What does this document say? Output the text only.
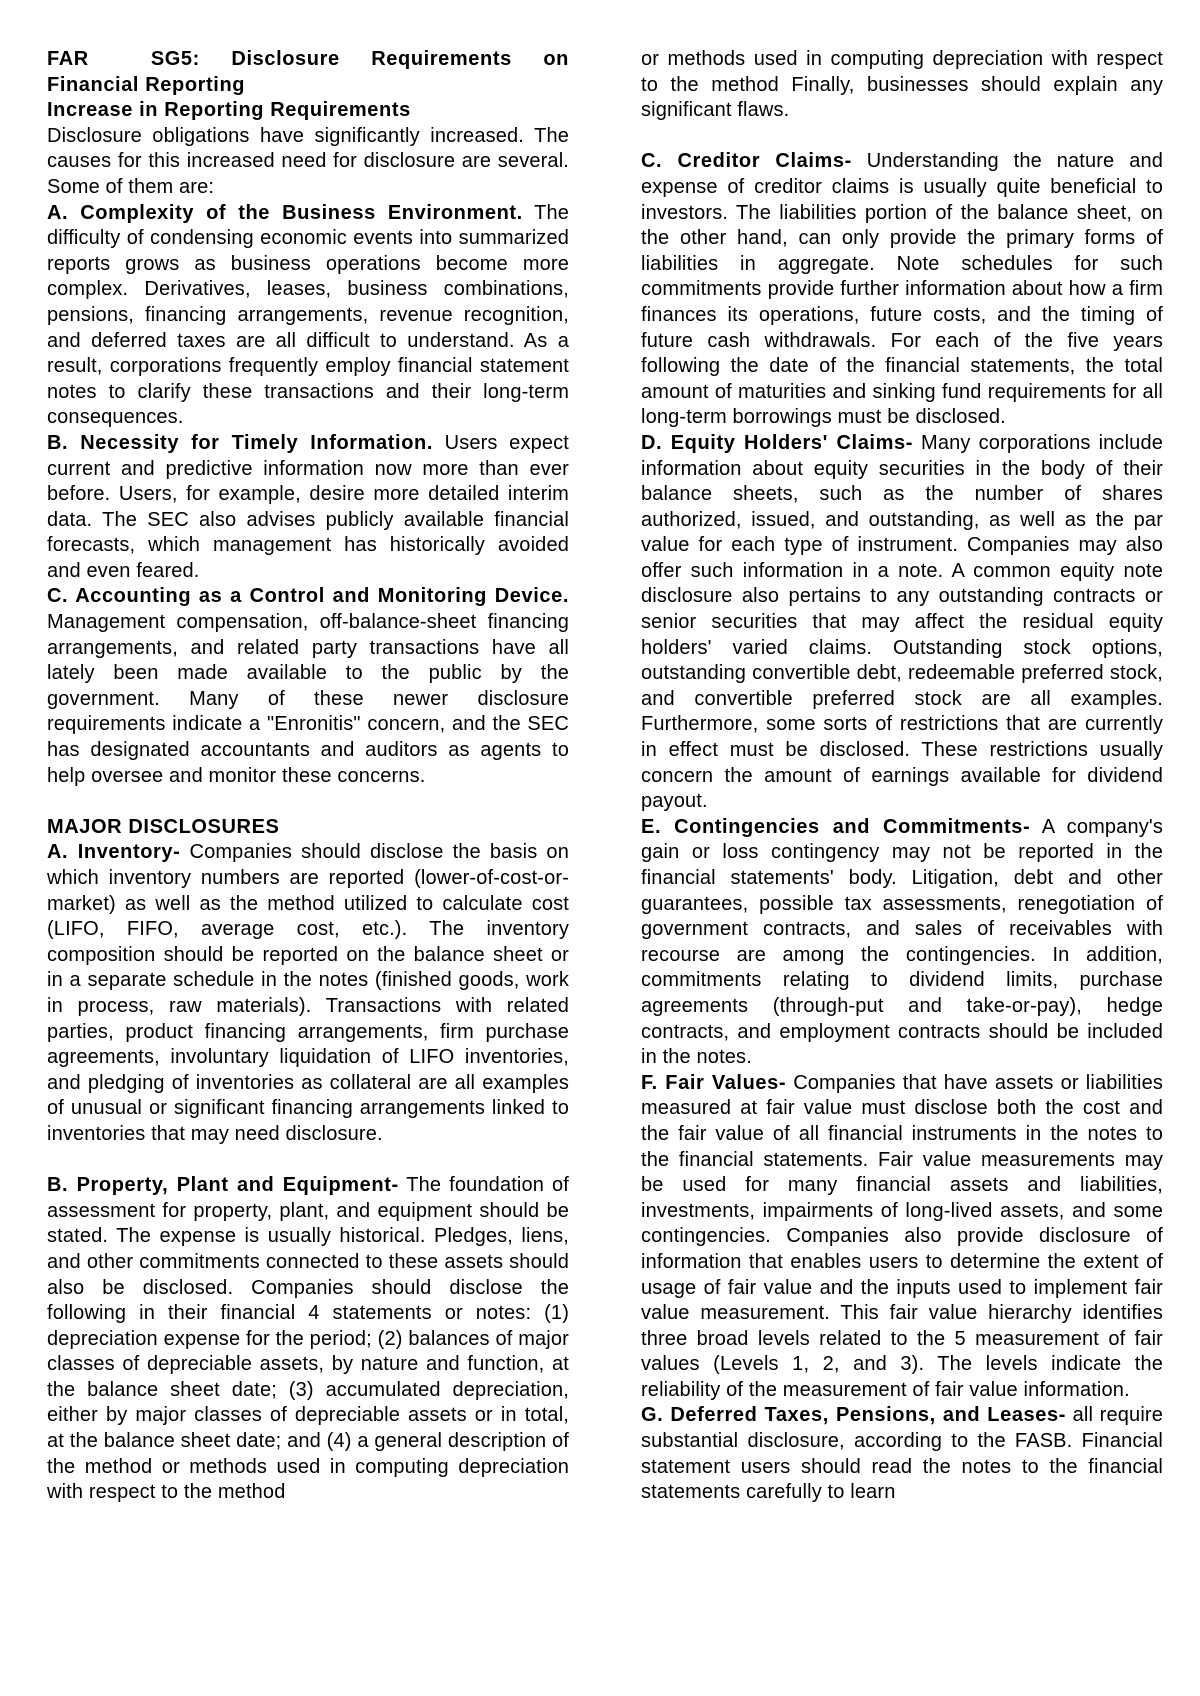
FAR	SG5: Disclosure Requirements on Financial Reporting

Increase in Reporting Requirements

Disclosure obligations have significantly increased. The causes for this increased need for disclosure are several. Some of them are:

A. Complexity of the Business Environment. The difficulty of condensing economic events into summarized reports grows as business operations become more complex. Derivatives, leases, business combinations, pensions, financing arrangements, revenue recognition, and deferred taxes are all difficult to understand. As a result, corporations frequently employ financial statement notes to clarify these transactions and their long-term consequences.

B. Necessity for Timely Information. Users expect current and predictive information now more than ever before. Users, for example, desire more detailed interim data. The SEC also advises publicly available financial forecasts, which management has historically avoided and even feared.

C. Accounting as a Control and Monitoring Device. Management compensation, off-balance-sheet financing arrangements, and related party transactions have all lately been made available to the public by the government. Many of these newer disclosure requirements indicate a "Enronitis" concern, and the SEC has designated accountants and auditors as agents to help oversee and monitor these concerns.

MAJOR DISCLOSURES

A. Inventory- Companies should disclose the basis on which inventory numbers are reported (lower-of-cost-or-market) as well as the method utilized to calculate cost (LIFO, FIFO, average cost, etc.). The inventory composition should be reported on the balance sheet or in a separate schedule in the notes (finished goods, work in process, raw materials). Transactions with related parties, product financing arrangements, firm purchase agreements, involuntary liquidation of LIFO inventories, and pledging of inventories as collateral are all examples of unusual or significant financing arrangements linked to inventories that may need disclosure.

B. Property, Plant and Equipment- The foundation of assessment for property, plant, and equipment should be stated. The expense is usually historical. Pledges, liens, and other commitments connected to these assets should also be disclosed. Companies should disclose the following in their financial 4 statements or notes: (1) depreciation expense for the period; (2) balances of major classes of depreciable assets, by nature and function, at the balance sheet date; (3) accumulated depreciation, either by major classes of depreciable assets or in total, at the balance sheet date; and (4) a general description of the method or methods used in computing depreciation with respect to the method

or methods used in computing depreciation with respect to the method Finally, businesses should explain any significant flaws.

C. Creditor Claims- Understanding the nature and expense of creditor claims is usually quite beneficial to investors. The liabilities portion of the balance sheet, on the other hand, can only provide the primary forms of liabilities in aggregate. Note schedules for such commitments provide further information about how a firm finances its operations, future costs, and the timing of future cash withdrawals. For each of the five years following the date of the financial statements, the total amount of maturities and sinking fund requirements for all long-term borrowings must be disclosed.

D. Equity Holders' Claims- Many corporations include information about equity securities in the body of their balance sheets, such as the number of shares authorized, issued, and outstanding, as well as the par value for each type of instrument. Companies may also offer such information in a note. A common equity note disclosure also pertains to any outstanding contracts or senior securities that may affect the residual equity holders' varied claims. Outstanding stock options, outstanding convertible debt, redeemable preferred stock, and convertible preferred stock are all examples. Furthermore, some sorts of restrictions that are currently in effect must be disclosed. These restrictions usually concern the amount of earnings available for dividend payout.

E. Contingencies and Commitments- A company's gain or loss contingency may not be reported in the financial statements' body. Litigation, debt and other guarantees, possible tax assessments, renegotiation of government contracts, and sales of receivables with recourse are among the contingencies. In addition, commitments relating to dividend limits, purchase agreements (through-put and take-or-pay), hedge contracts, and employment contracts should be included in the notes.

F. Fair Values- Companies that have assets or liabilities measured at fair value must disclose both the cost and the fair value of all financial instruments in the notes to the financial statements. Fair value measurements may be used for many financial assets and liabilities, investments, impairments of long-lived assets, and some contingencies. Companies also provide disclosure of information that enables users to determine the extent of usage of fair value and the inputs used to implement fair value measurement. This fair value hierarchy identifies three broad levels related to the 5 measurement of fair values (Levels 1, 2, and 3). The levels indicate the reliability of the measurement of fair value information.

G. Deferred Taxes, Pensions, and Leases- all require substantial disclosure, according to the FASB. Financial statement users should read the notes to the financial statements carefully to learn
